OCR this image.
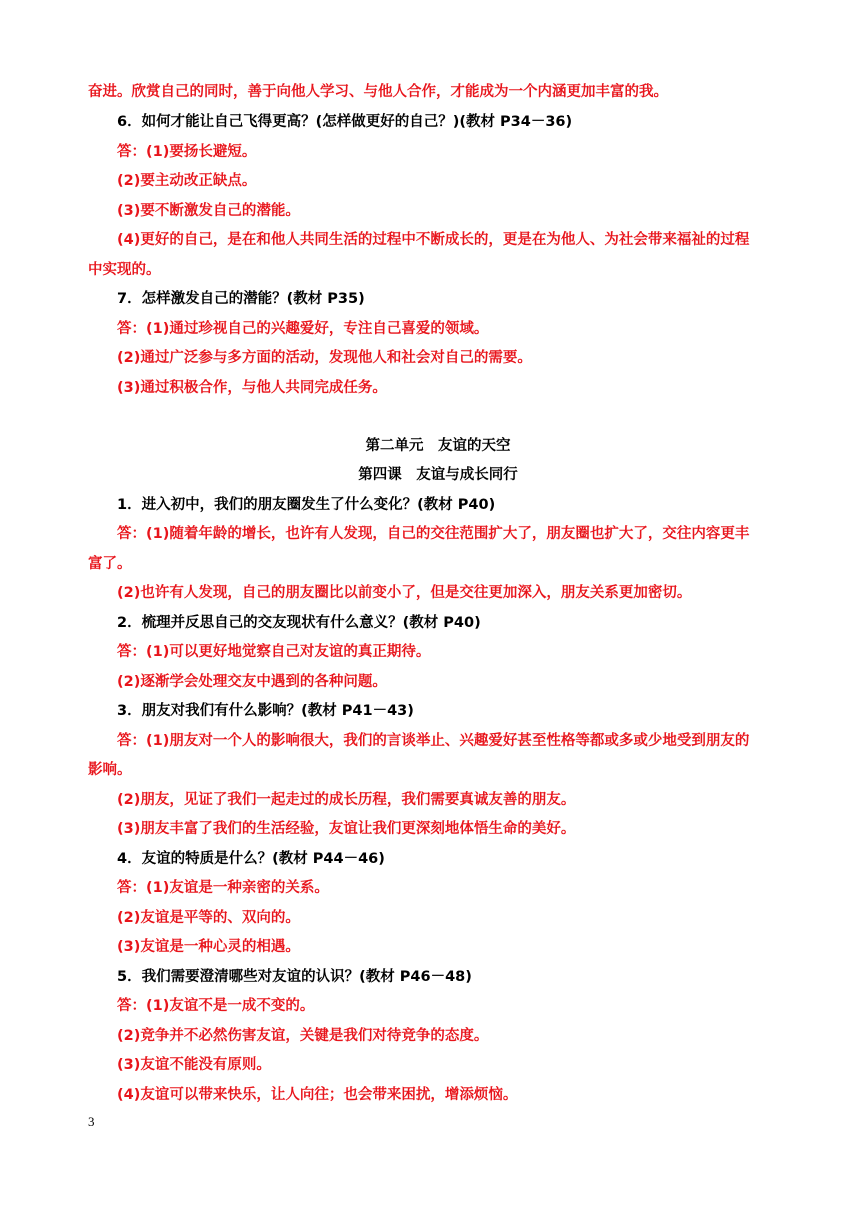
奋进。欣赏自己的同时，善于向他人学习、与他人合作，才能成为一个内涵更加丰富的我。
6．如何才能让自己飞得更高？(怎样做更好的自己？)(教材 P34－36)
答：(1)要扬长避短。
(2)要主动改正缺点。
(3)要不断激发自己的潜能。
(4)更好的自己，是在和他人共同生活的过程中不断成长的，更是在为他人、为社会带来福祉的过程
中实现的。
7．怎样激发自己的潜能？(教材 P35)
答：(1)通过珍视自己的兴趣爱好，专注自己喜爱的领域。
(2)通过广泛参与多方面的活动，发现他人和社会对自己的需要。
(3)通过积极合作，与他人共同完成任务。
第二单元　友谊的天空
第四课　友谊与成长同行
1．进入初中，我们的朋友圈发生了什么变化？(教材 P40)
答：(1)随着年龄的增长，也许有人发现，自己的交往范围扩大了，朋友圈也扩大了，交往内容更丰
富了。
(2)也许有人发现，自己的朋友圈比以前变小了，但是交往更加深入，朋友关系更加密切。
2．梳理并反思自己的交友现状有什么意义？(教材 P40)
答：(1)可以更好地觉察自己对友谊的真正期待。
(2)逐渐学会处理交友中遇到的各种问题。
3．朋友对我们有什么影响？(教材 P41－43)
答：(1)朋友对一个人的影响很大，我们的言谈举止、兴趣爱好甚至性格等都或多或少地受到朋友的
影响。
(2)朋友，见证了我们一起走过的成长历程，我们需要真诚友善的朋友。
(3)朋友丰富了我们的生活经验，友谊让我们更深刻地体悟生命的美好。
4．友谊的特质是什么？(教材 P44－46)
答：(1)友谊是一种亲密的关系。
(2)友谊是平等的、双向的。
(3)友谊是一种心灵的相遇。
5．我们需要澄清哪些对友谊的认识？(教材 P46－48)
答：(1)友谊不是一成不变的。
(2)竞争并不必然伤害友谊，关键是我们对待竞争的态度。
(3)友谊不能没有原则。
(4)友谊可以带来快乐，让人向往；也会带来困扰，增添烦恼。
3
